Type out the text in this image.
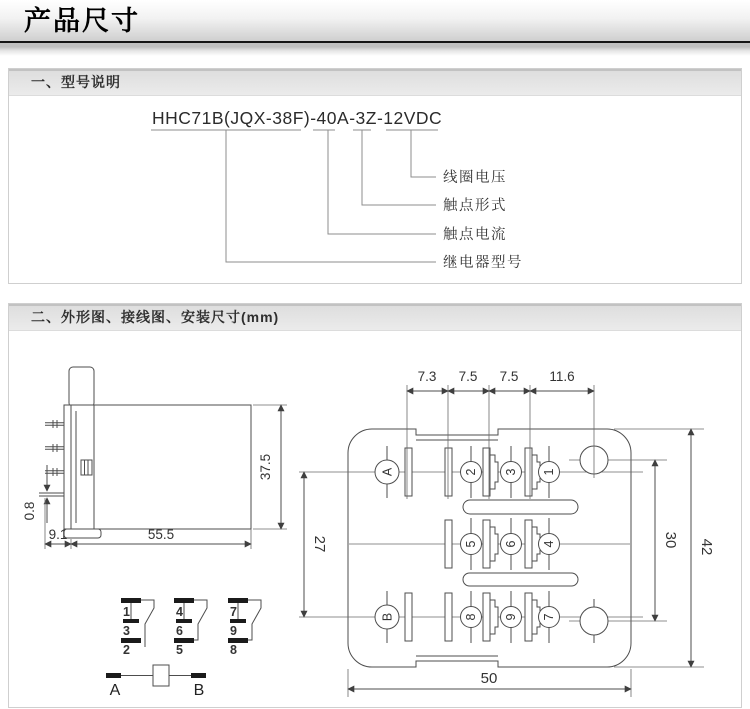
产品尺寸
一、型号说明
HHC71B(JQX-38F)-40A-3Z-12VDC
线圈电压
触点形式
触点电流
继电器型号
二、外形图、接线图、安装尺寸(mm)
0.8
9.1	55.5
37.5
1
3
2
4
6
5
7
9
8
A	B
A	2 3 1
5 6 4
B	8 9 7
7.3 7.5 7.5 11.6
27	30 42
50
